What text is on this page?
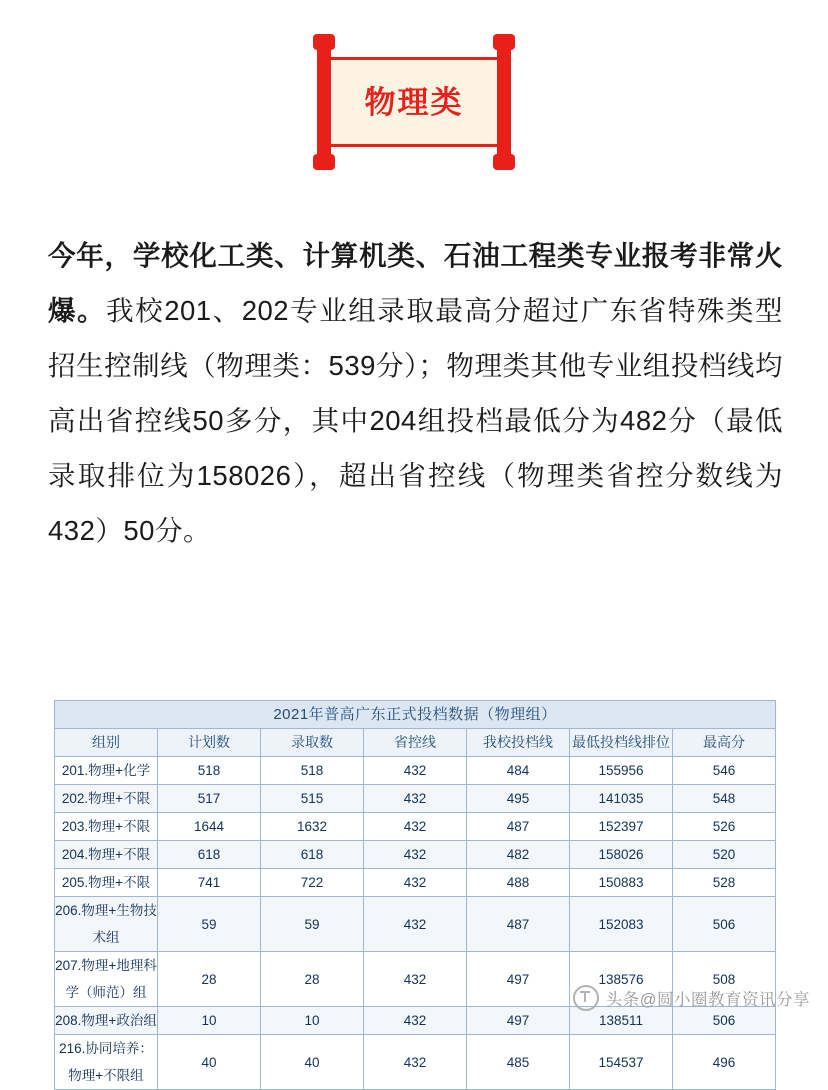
物理类
今年，学校化工类、计算机类、石油工程类专业报考非常火爆。我校201、202专业组录取最高分超过广东省特殊类型招生控制线（物理类：539分）；物理类其他专业组投档线均高出省控线50多分，其中204组投档最低分为482分（最低录取排位为158026），超出省控线（物理类省控分数线为432）50分。
2021年普高广东正式投档数据（物理组）						
组别	计划数	录取数	省控线	我校投档线	最低投档线排位	最高分
201.物理+化学	518	518	432	484	155956	546
202.物理+不限	517	515	432	495	141035	548
203.物理+不限	1644	1632	432	487	152397	526
204.物理+不限	618	618	432	482	158026	520
205.物理+不限	741	722	432	488	150883	528
206.物理+生物技术组	59	59	432	487	152083	506
207.物理+地理科学（师范）组	28	28	432	497	138576	508
208.物理+政治组	10	10	432	497	138511	506
216.协同培养：物理+不限组	40	40	432	485	154537	496
头条@圆小圈教育资讯分享
